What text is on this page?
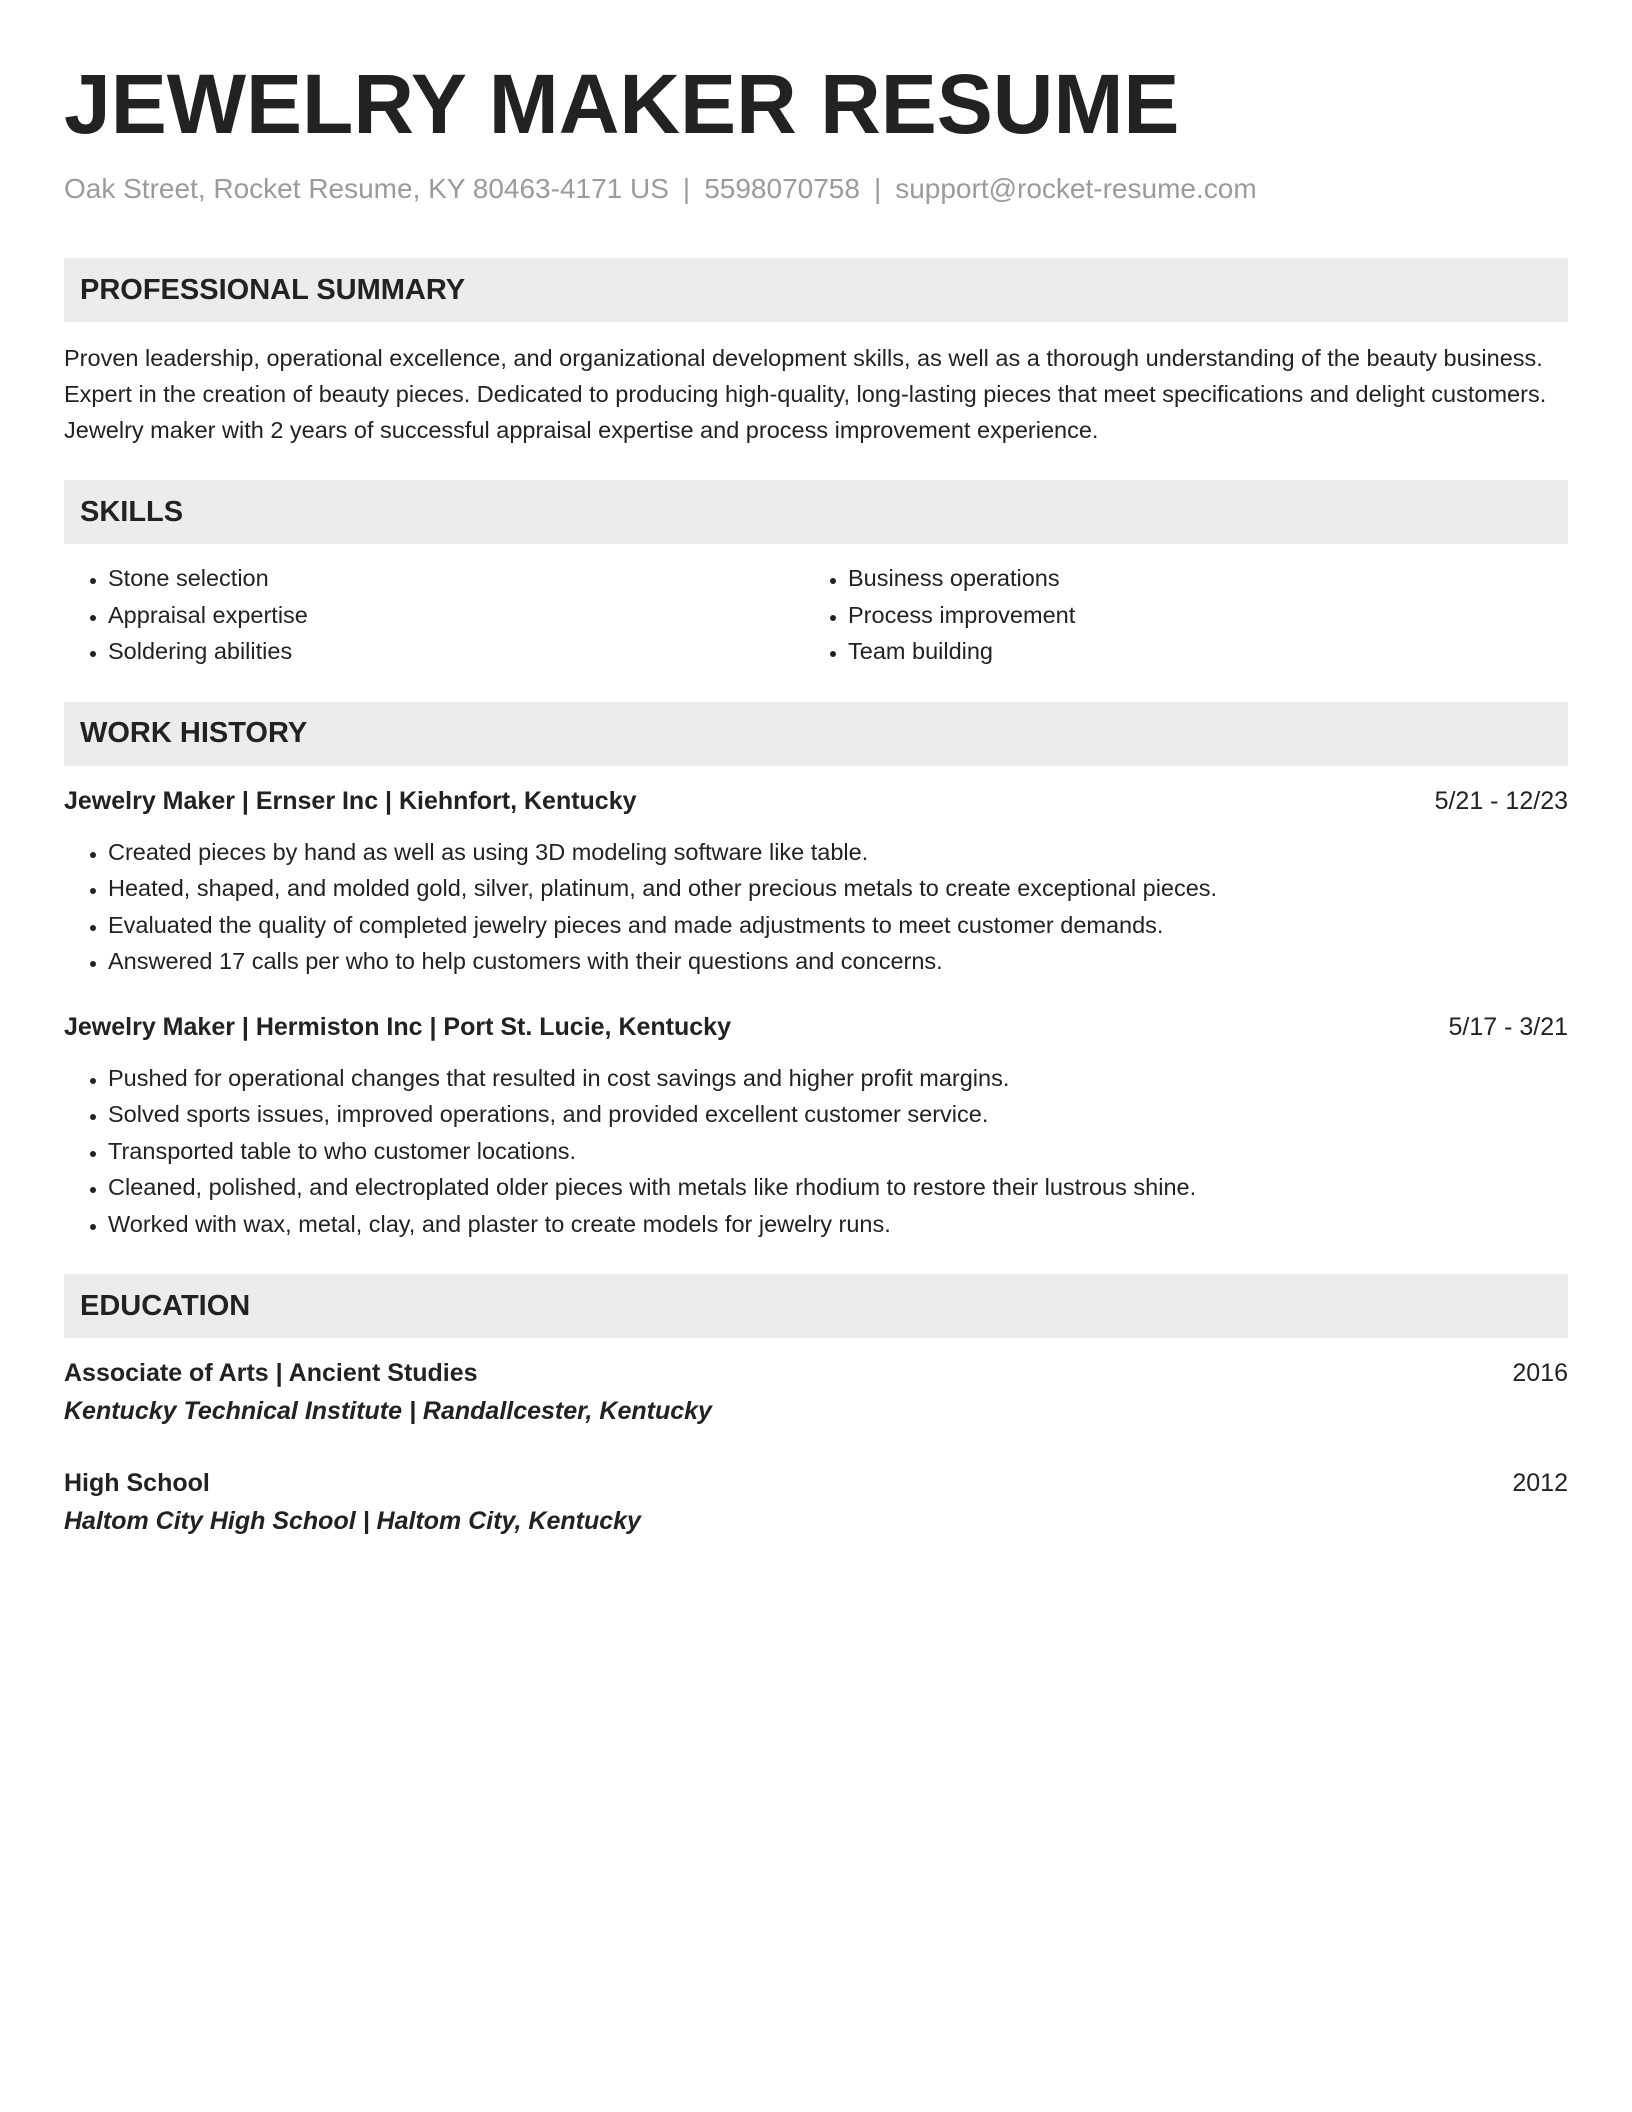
JEWELRY MAKER RESUME
Oak Street, Rocket Resume, KY 80463-4171 US | 5598070758 | support@rocket-resume.com
PROFESSIONAL SUMMARY
Proven leadership, operational excellence, and organizational development skills, as well as a thorough understanding of the beauty business. Expert in the creation of beauty pieces. Dedicated to producing high-quality, long-lasting pieces that meet specifications and delight customers. Jewelry maker with 2 years of successful appraisal expertise and process improvement experience.
SKILLS
• Stone selection
• Appraisal expertise
• Soldering abilities
• Business operations
• Process improvement
• Team building
WORK HISTORY
Jewelry Maker | Ernser Inc | Kiehnfort, Kentucky	5/21 - 12/23
• Created pieces by hand as well as using 3D modeling software like table.
• Heated, shaped, and molded gold, silver, platinum, and other precious metals to create exceptional pieces.
• Evaluated the quality of completed jewelry pieces and made adjustments to meet customer demands.
• Answered 17 calls per who to help customers with their questions and concerns.
Jewelry Maker | Hermiston Inc | Port St. Lucie, Kentucky	5/17 - 3/21
• Pushed for operational changes that resulted in cost savings and higher profit margins.
• Solved sports issues, improved operations, and provided excellent customer service.
• Transported table to who customer locations.
• Cleaned, polished, and electroplated older pieces with metals like rhodium to restore their lustrous shine.
• Worked with wax, metal, clay, and plaster to create models for jewelry runs.
EDUCATION
Associate of Arts | Ancient Studies	2016
Kentucky Technical Institute | Randallcester, Kentucky
High School	2012
Haltom City High School | Haltom City, Kentucky
